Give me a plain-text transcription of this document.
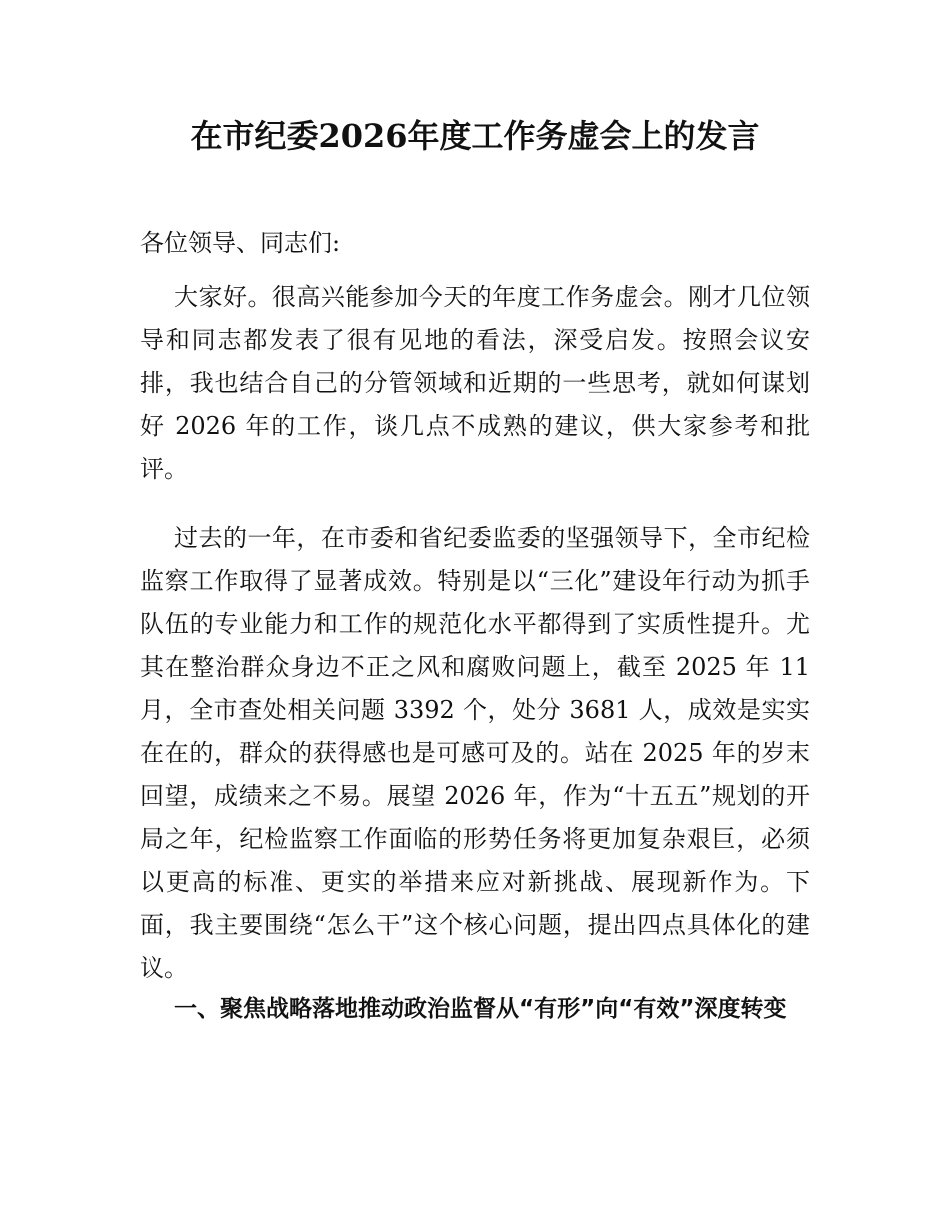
在市纪委2026年度工作务虚会上的发言

各位领导、同志们:

大家好。很高兴能参加今天的年度工作务虚会。刚才几位领导和同志都发表了很有见地的看法，深受启发。按照会议安排，我也结合自己的分管领域和近期的一些思考，就如何谋划好 2026 年的工作，谈几点不成熟的建议，供大家参考和批评。

过去的一年，在市委和省纪委监委的坚强领导下，全市纪检监察工作取得了显著成效。特别是以“三化”建设年行动为抓手队伍的专业能力和工作的规范化水平都得到了实质性提升。尤其在整治群众身边不正之风和腐败问题上，截至 2025 年 11 月，全市查处相关问题 3392 个，处分 3681 人，成效是实实在在的，群众的获得感也是可感可及的。站在 2025 年的岁末回望，成绩来之不易。展望 2026 年，作为“十五五”规划的开局之年，纪检监察工作面临的形势任务将更加复杂艰巨，必须以更高的标准、更实的举措来应对新挑战、展现新作为。下面，我主要围绕“怎么干”这个核心问题，提出四点具体化的建议。

一、聚焦战略落地推动政治监督从“有形”向“有效”深度转变
